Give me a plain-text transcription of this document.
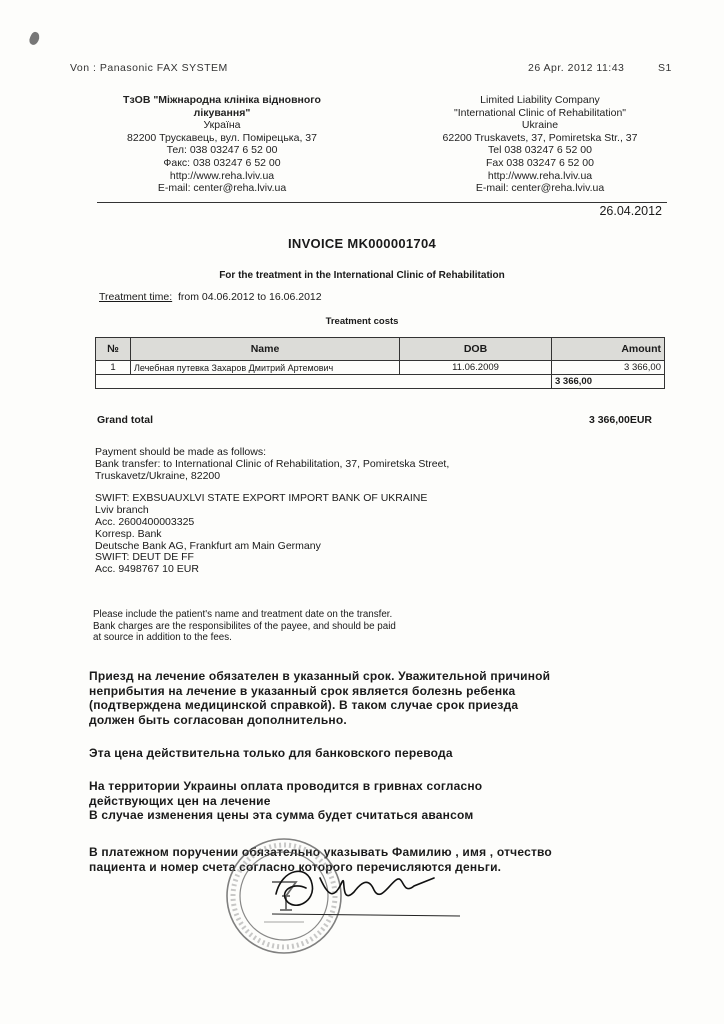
Von : Panasonic FAX SYSTEM	26 Apr. 2012 11:43	S1
ТзОВ "Міжнародна клініка відновного
лікування"
Україна
82200 Трускавець, вул. Помірецька, 37
Тел: 038 03247 6 52 00
Факс: 038 03247 6 52 00
http://www.reha.lviv.ua
E-mail: center@reha.lviv.ua
Limited Liability Company
"International Clinic of Rehabilitation"
Ukraine
62200 Truskavets, 37, Pomiretska Str., 37
Tel 038 03247 6 52 00
Fax 038 03247 6 52 00
http://www.reha.lviv.ua
E-mail: center@reha.lviv.ua
26.04.2012
INVOICE MK000001704
For the treatment in the International Clinic of Rehabilitation
Treatment time: from 04.06.2012 to 16.06.2012
Treatment costs
№	Name	DOB	Amount
1	Лечебная путевка Захаров Дмитрий Артемович	11.06.2009	3 366,00
			3 366,00
Grand total	3 366,00EUR
Payment should be made as follows:
Bank transfer: to International Clinic of Rehabilitation, 37, Pomiretska Street,
Truskavetz/Ukraine, 82200
SWIFT: EXBSUAUXLVI STATE EXPORT IMPORT BANK OF UKRAINE
Lviv branch
Acc. 2600400003325
Korresp. Bank
Deutsche Bank AG, Frankfurt am Main Germany
SWIFT: DEUT DE FF
Acc. 9498767 10 EUR
Please include the patient's name and treatment date on the transfer.
Bank charges are the responsibilites of the payee, and should be paid
at source in addition to the fees.
Приезд на лечение обязателен в указанный срок. Уважительной причиной
неприбытия на лечение в указанный срок является болезнь ребенка
(подтверждена медицинской справкой). В таком случае срок приезда
должен быть согласован дополнительно.
Эта цена действительна только для банковского перевода
На территории Украины оплата проводится в гривнах согласно
действующих цен на лечение
В случае изменения цены эта сумма будет считаться авансом
В платежном поручении обязательно указывать Фамилию , имя , отчество
пациента и номер счета согласно которого перечисляются деньги.
